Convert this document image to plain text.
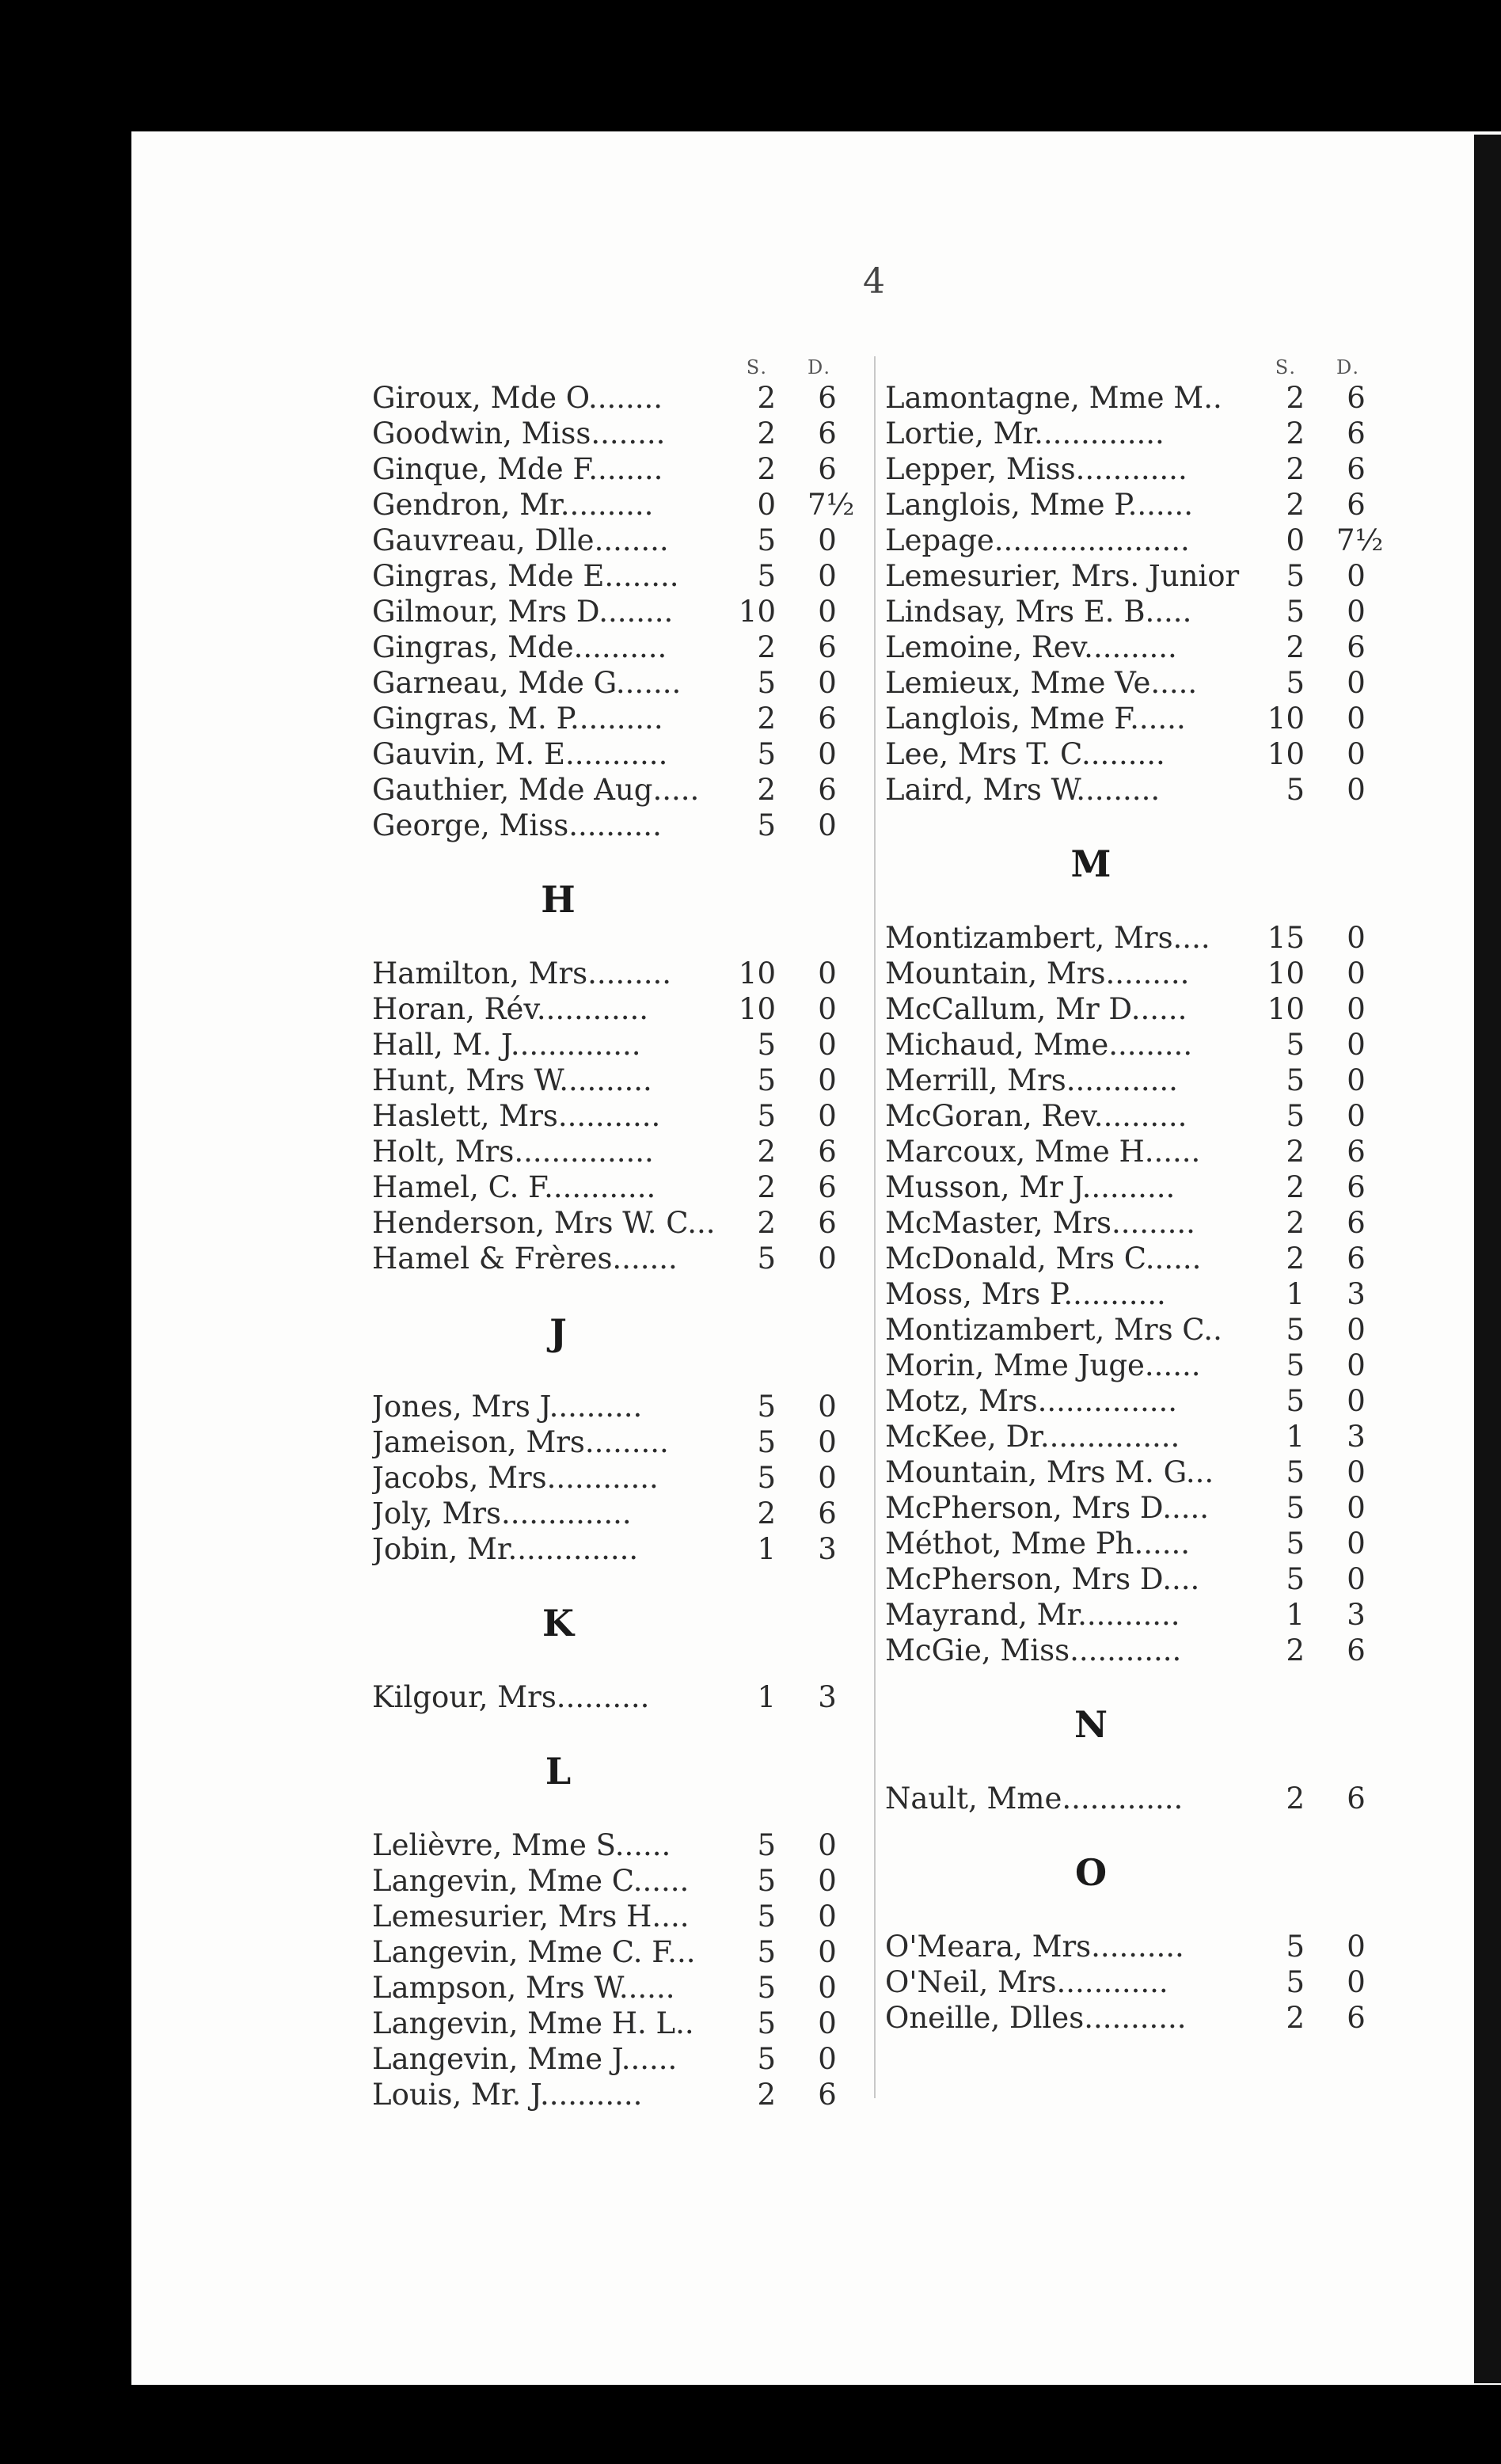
4
S. D.
Giroux, Mde O........	2	6
Goodwin, Miss........	2	6
Ginque, Mde F........	2	6
Gendron, Mr..........	0 7½
Gauvreau, Dlle........	5	0
Gingras, Mde E........	5	0
Gilmour, Mrs D........	10	0
Gingras, Mde..........	2	6
Garneau, Mde G.......	5	0
Gingras, M. P..........	2	6
Gauvin, M. E...........	5	0
Gauthier, Mde Aug.....	2	6
George, Miss..........	5	0
H
Hamilton, Mrs.........	10	0
Horan, Rév............	10	0
Hall, M. J..............	5	0
Hunt, Mrs W..........	5	0
Haslett, Mrs...........	5	0
Holt, Mrs...............	2	6
Hamel, C. F............	2	6
Henderson, Mrs W. C...	2	6
Hamel & Frères.......	5	0
J
Jones, Mrs J..........	5	0
Jameison, Mrs.........	5	0
Jacobs, Mrs............	5	0
Joly, Mrs..............	2	6
Jobin, Mr..............	1	3
K
Kilgour, Mrs..........	1	3
L
Lelièvre, Mme S......	5	0
Langevin, Mme C......	5	0
Lemesurier, Mrs H....	5	0
Langevin, Mme C. F...	5	0
Lampson, Mrs W......	5	0
Langevin, Mme H. L..	5	0
Langevin, Mme J......	5	0
Louis, Mr. J...........	2	6
S. D.
Lamontagne, Mme M..	2	6
Lortie, Mr..............	2	6
Lepper, Miss............	2	6
Langlois, Mme P.......	2	6
Lepage.....................	0 7½
Lemesurier, Mrs. Junior	5	0
Lindsay, Mrs E. B.....	5	0
Lemoine, Rev..........	2	6
Lemieux, Mme Ve.....	5	0
Langlois, Mme F......	10	0
Lee, Mrs T. C.........	10	0
Laird, Mrs W.........	5	0
M
Montizambert, Mrs....	15	0
Mountain, Mrs.........	10	0
McCallum, Mr D......	10	0
Michaud, Mme.........	5	0
Merrill, Mrs............	5	0
McGoran, Rev..........	5	0
Marcoux, Mme H......	2	6
Musson, Mr J..........	2	6
McMaster, Mrs.........	2	6
McDonald, Mrs C......	2	6
Moss, Mrs P...........	1	3
Montizambert, Mrs C..	5	0
Morin, Mme Juge......	5	0
Motz, Mrs...............	5	0
McKee, Dr...............	1	3
Mountain, Mrs M. G...	5	0
McPherson, Mrs D.....	5	0
Méthot, Mme Ph......	5	0
McPherson, Mrs D....	5	0
Mayrand, Mr...........	1	3
McGie, Miss............	2	6
N
Nault, Mme.............	2	6
O
O'Meara, Mrs..........	5	0
O'Neil, Mrs............	5	0
Oneille, Dlles...........	2	6
